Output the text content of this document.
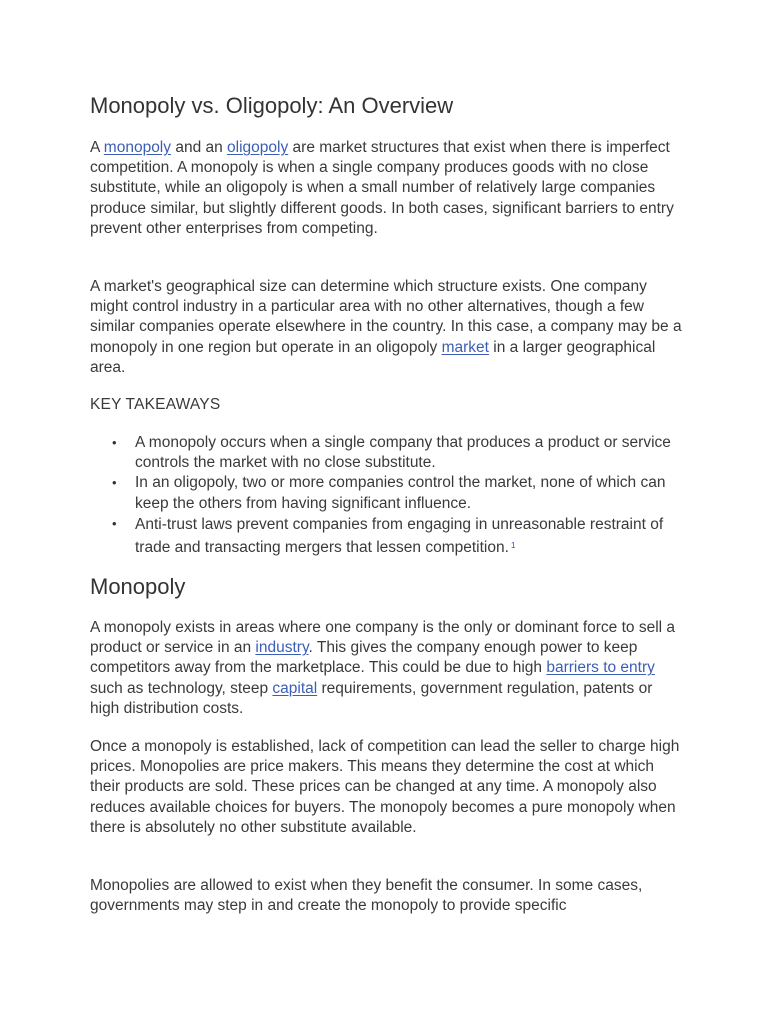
Monopoly vs. Oligopoly: An Overview

A monopoly and an oligopoly are market structures that exist when there is imperfect competition. A monopoly is when a single company produces goods with no close substitute, while an oligopoly is when a small number of relatively large companies produce similar, but slightly different goods. In both cases, significant barriers to entry prevent other enterprises from competing.

A market's geographical size can determine which structure exists. One company might control industry in a particular area with no other alternatives, though a few similar companies operate elsewhere in the country. In this case, a company may be a monopoly in one region but operate in an oligopoly market in a larger geographical area.

KEY TAKEAWAYS

• A monopoly occurs when a single company that produces a product or service controls the market with no close substitute.
• In an oligopoly, two or more companies control the market, none of which can keep the others from having significant influence.
• Anti-trust laws prevent companies from engaging in unreasonable restraint of trade and transacting mergers that lessen competition. $^1$
Monopoly

A monopoly exists in areas where one company is the only or dominant force to sell a product or service in an industry. This gives the company enough power to keep competitors away from the marketplace. This could be due to high barriers to entry such as technology, steep capital requirements, government regulation, patents or high distribution costs.

Once a monopoly is established, lack of competition can lead the seller to charge high prices. Monopolies are price makers. This means they determine the cost at which their products are sold. These prices can be changed at any time. A monopoly also reduces available choices for buyers. The monopoly becomes a pure monopoly when there is absolutely no other substitute available.

Monopolies are allowed to exist when they benefit the consumer. In some cases, governments may step in and create the monopoly to provide specific
